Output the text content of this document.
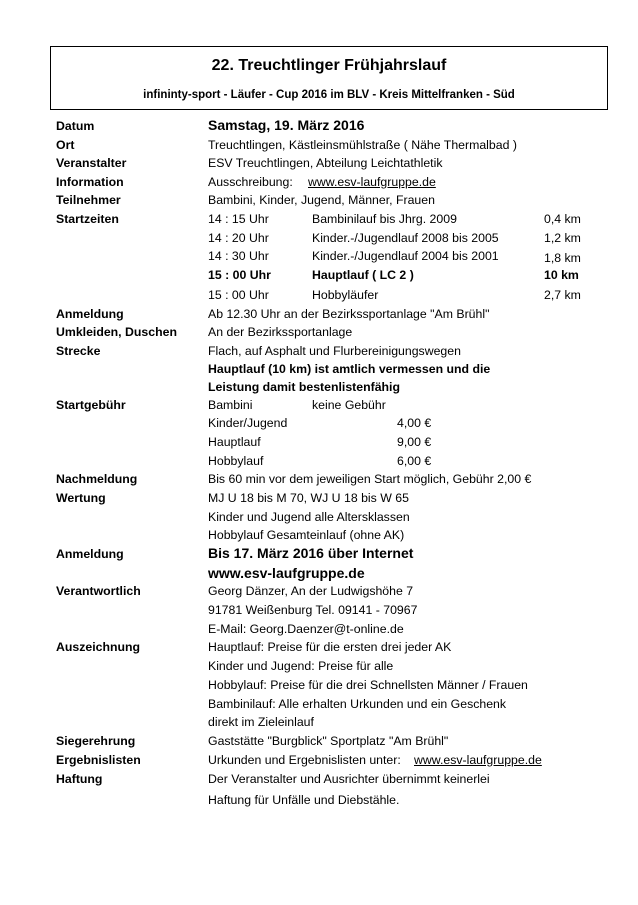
22. Treuchtlinger Frühjahrslauf
infininty-sport - Läufer - Cup 2016 im BLV - Kreis Mittelfranken - Süd
Datum	Samstag, 19. März 2016
Ort	Treuchtlingen, Kästleinsmühlstraße ( Nähe Thermalbad )
Veranstalter	ESV Treuchtlingen, Abteilung Leichtathletik
Information	Ausschreibung: www.esv-laufgruppe.de
Teilnehmer	Bambini, Kinder, Jugend, Männer, Frauen
Startzeiten	14 : 15 Uhr	Bambinilauf bis Jhrg. 2009	0,4 km
14 : 20 Uhr	Kinder.-/Jugendlauf 2008 bis 2005	1,2 km
14 : 30 Uhr	Kinder.-/Jugendlauf 2004 bis 2001	1,8 km
15 : 00 Uhr	Hauptlauf ( LC 2 )	10 km
15 : 00 Uhr	Hobbyläufer	2,7 km
Anmeldung	Ab 12.30 Uhr an der Bezirkssportanlage "Am Brühl"
Umkleiden, Duschen	An der Bezirkssportanlage
Strecke	Flach, auf Asphalt und Flurbereinigungswegen
Hauptlauf (10 km) ist amtlich vermessen und die
Leistung damit bestenlistenfähig
Startgebühr	Bambini	keine Gebühr
Kinder/Jugend	4,00 €
Hauptlauf	9,00 €
Hobbylauf	6,00 €
Nachmeldung	Bis 60 min vor dem jeweiligen Start möglich, Gebühr 2,00 €
Wertung	MJ U 18 bis M 70, WJ U 18 bis W 65
Kinder und Jugend alle Altersklassen
Hobbylauf Gesamteinlauf (ohne AK)
Anmeldung	Bis 17. März 2016 über Internet
www.esv-laufgruppe.de
Verantwortlich	Georg Dänzer, An der Ludwigshöhe 7
91781 Weißenburg Tel. 09141 - 70967
E-Mail: Georg.Daenzer@t-online.de
Auszeichnung	Hauptlauf: Preise für die ersten drei jeder AK
Kinder und Jugend: Preise für alle
Hobbylauf: Preise für die drei Schnellsten Männer / Frauen
Bambinilauf: Alle erhalten Urkunden und ein Geschenk
direkt im Zieleinlauf
Siegerehrung	Gaststätte "Burgblick" Sportplatz "Am Brühl"
Ergebnislisten	Urkunden und Ergebnislisten unter: www.esv-laufgruppe.de
Haftung	Der Veranstalter und Ausrichter übernimmt keinerlei
Haftung für Unfälle und Diebstähle.
